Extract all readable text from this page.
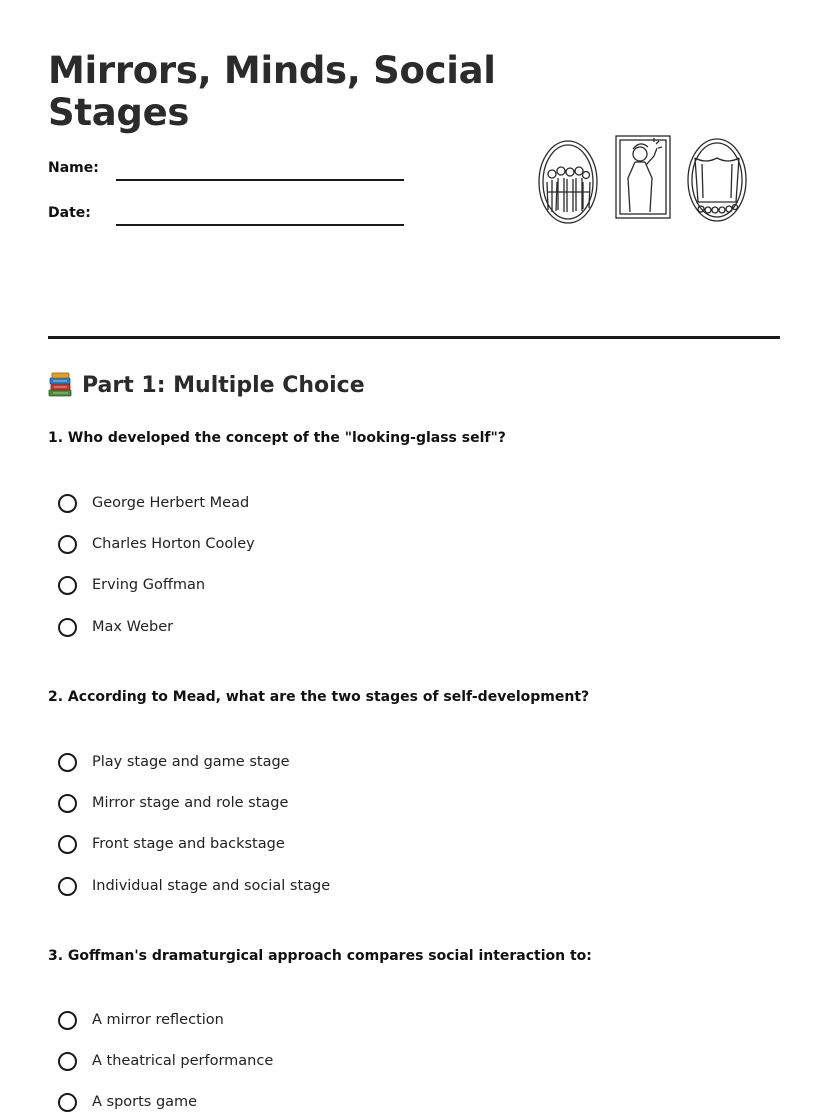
Mirrors, Minds, Social Stages
Name:
Date:
Part 1: Multiple Choice

1. Who developed the concept of the "looking-glass self"?

George Herbert Mead
Charles Horton Cooley
Erving Goffman
Max Weber

2. According to Mead, what are the two stages of self-development?

Play stage and game stage
Mirror stage and role stage
Front stage and backstage
Individual stage and social stage

3. Goffman's dramaturgical approach compares social interaction to:

A mirror reflection
A theatrical performance
A sports game
